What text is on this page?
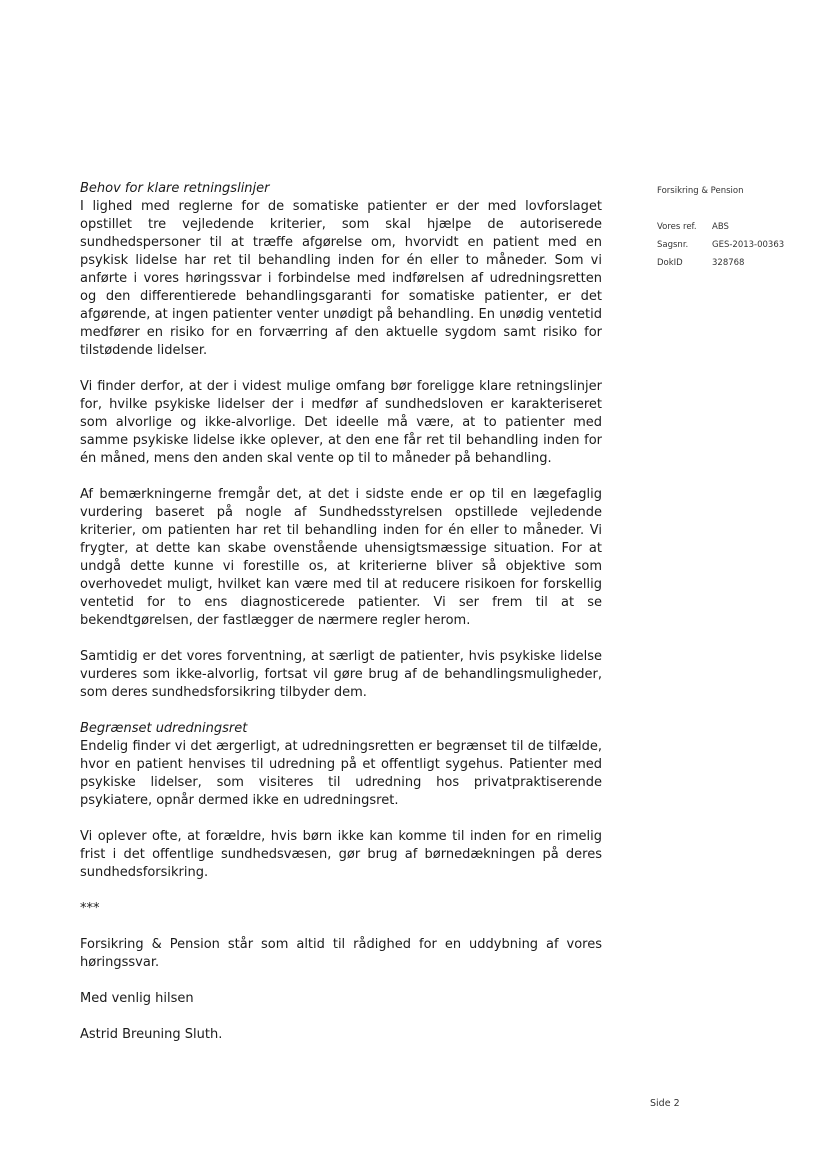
Behov for klare retningslinjer

I lighed med reglerne for de somatiske patienter er der med lovforslaget opstillet tre vejledende kriterier, som skal hjælpe de autoriserede sundhedspersoner til at træffe afgørelse om, hvorvidt en patient med en psykisk lidelse har ret til behandling inden for én eller to måneder. Som vi anførte i vores høringssvar i forbindelse med indførelsen af udredningsretten og den differentierede behandlingsgaranti for somatiske patienter, er det afgørende, at ingen patienter venter unødigt på behandling. En unødig ventetid medfører en risiko for en forværring af den aktuelle sygdom samt risiko for tilstødende lidelser.

Vi finder derfor, at der i videst mulige omfang bør foreligge klare retningslinjer for, hvilke psykiske lidelser der i medfør af sundhedsloven er karakteriseret som alvorlige og ikke-alvorlige. Det ideelle må være, at to patienter med samme psykiske lidelse ikke oplever, at den ene får ret til behandling inden for én måned, mens den anden skal vente op til to måneder på behandling.

Af bemærkningerne fremgår det, at det i sidste ende er op til en lægefaglig vurdering baseret på nogle af Sundhedsstyrelsen opstillede vejledende kriterier, om patienten har ret til behandling inden for én eller to måneder. Vi frygter, at dette kan skabe ovenstående uhensigtsmæssige situation. For at undgå dette kunne vi forestille os, at kriterierne bliver så objektive som overhovedet muligt, hvilket kan være med til at reducere risikoen for forskellig ventetid for to ens diagnosticerede patienter. Vi ser frem til at se bekendtgørelsen, der fastlægger de nærmere regler herom.

Samtidig er det vores forventning, at særligt de patienter, hvis psykiske lidelse vurderes som ikke-alvorlig, fortsat vil gøre brug af de behandlingsmuligheder, som deres sundhedsforsikring tilbyder dem.

Begrænset udredningsret

Endelig finder vi det ærgerligt, at udredningsretten er begrænset til de tilfælde, hvor en patient henvises til udredning på et offentligt sygehus. Patienter med psykiske lidelser, som visiteres til udredning hos privatpraktiserende psykiatere, opnår dermed ikke en udredningsret.

Vi oplever ofte, at forældre, hvis børn ikke kan komme til inden for en rimelig frist i det offentlige sundhedsvæsen, gør brug af børnedækningen på deres sundhedsforsikring.

***

Forsikring & Pension står som altid til rådighed for en uddybning af vores høringssvar.

Med venlig hilsen

Astrid Breuning Sluth.

Forsikring & Pension
Vores ref.	ABS
Sagsnr.	GES-2013-00363
DokID	328768
Side 2
